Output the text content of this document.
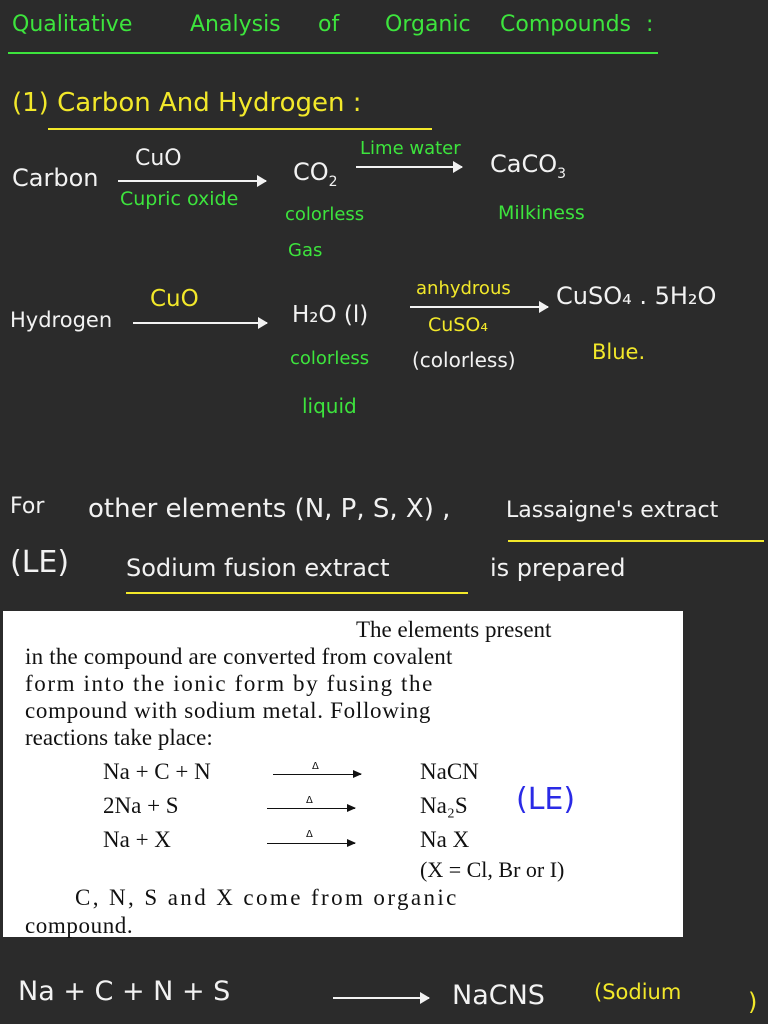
Qualitative	Analysis of Organic Compounds :
(1) Carbon And Hydrogen :
Carbon
CuO
Cupric oxide
$CO_2$
colorless
Gas
Lime water
CaCO$_3$
Milkiness
Hydrogen
CuO
H₂O (l)
colorless
liquid
anhydrous
CuSO₄
(colorless)
CuSO₄ . 5H₂O
Blue.
For other elements (N, P, S, X) ,	Lassaigne's extract
(LE) Sodium fusion extract	is prepared
The elements present
in the compound are converted from covalent
form into the ionic form by fusing the
compound with sodium metal. Following
reactions take place:
Na + C + N	Δ	NaCN
2Na + S	Δ	Na₂S
Na + X	Δ	Na X
(X = Cl, Br or I)
C, N, S and X come from organic
compound.
(LE)
Na + C + N + S	NaCNS (Sodium	)
